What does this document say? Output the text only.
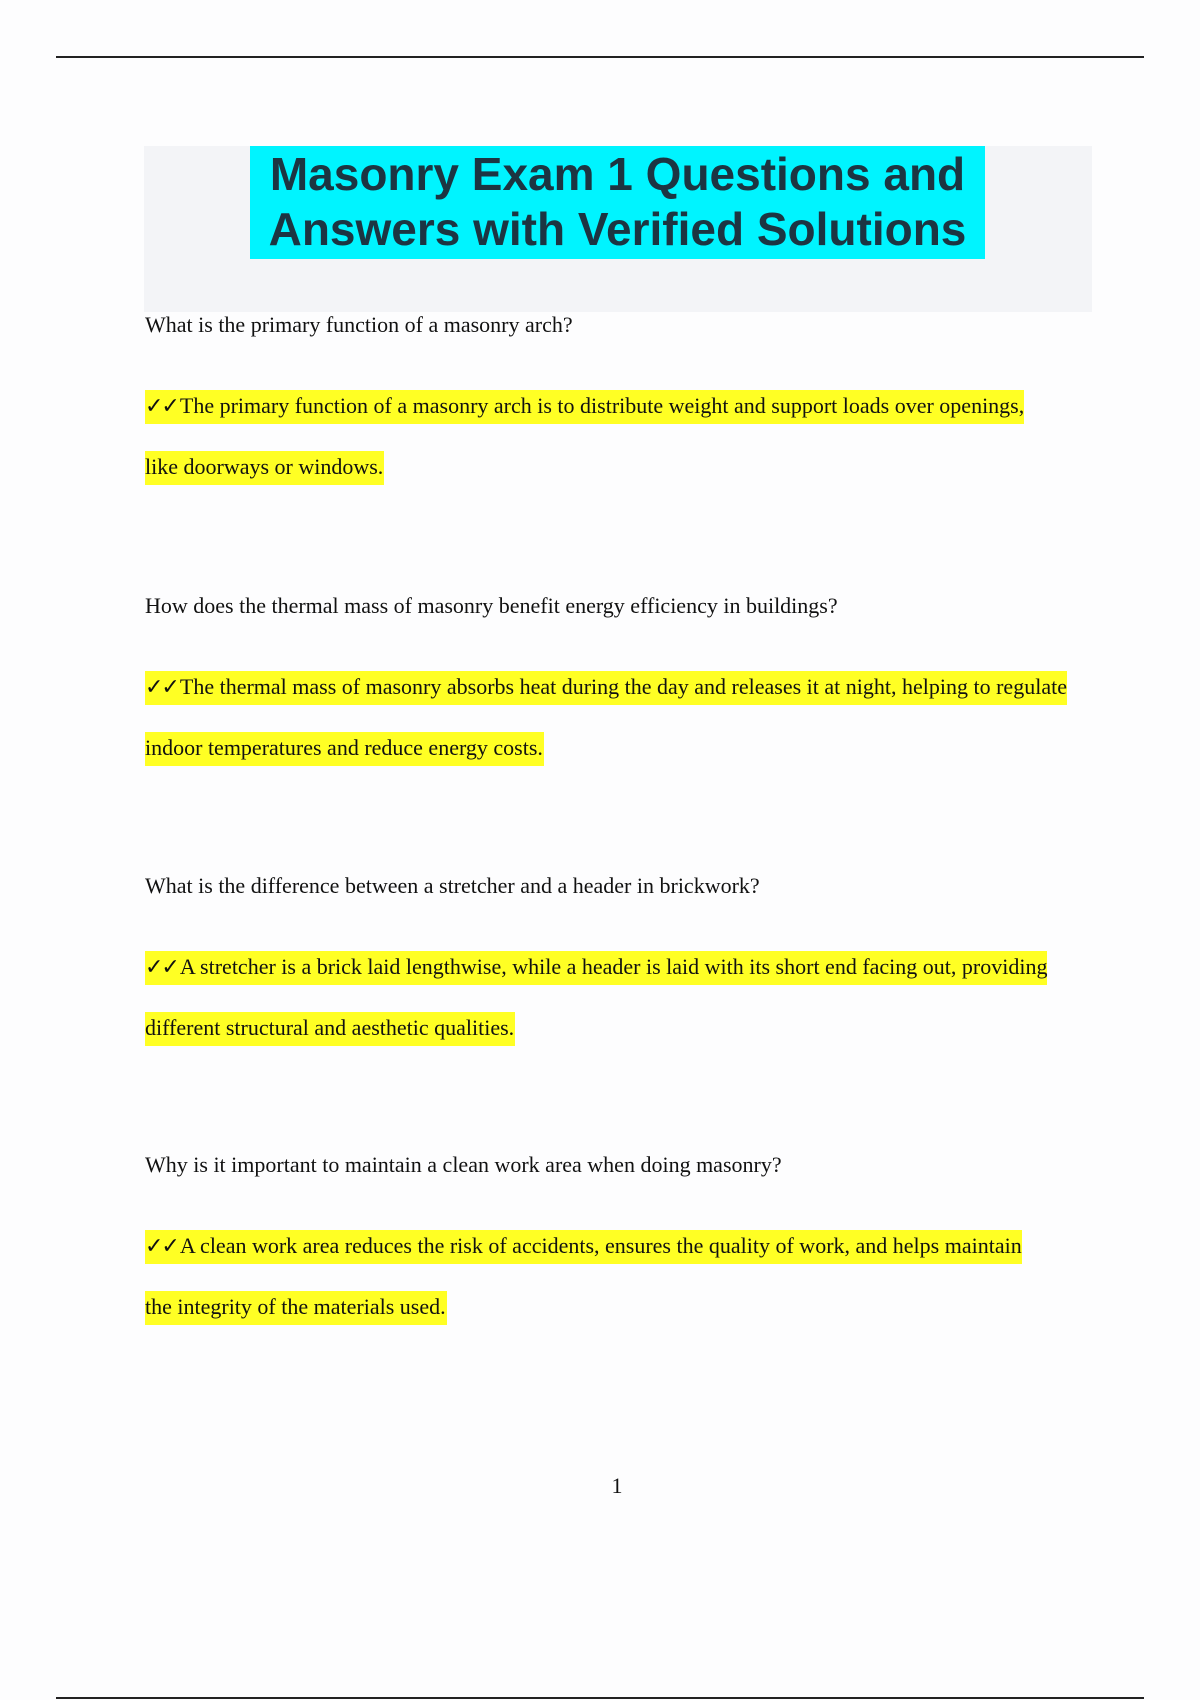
Masonry Exam 1 Questions and Answers with Verified Solutions

What is the primary function of a masonry arch?

✓✓The primary function of a masonry arch is to distribute weight and support loads over openings, like doorways or windows.

How does the thermal mass of masonry benefit energy efficiency in buildings?

✓✓The thermal mass of masonry absorbs heat during the day and releases it at night, helping to regulate indoor temperatures and reduce energy costs.

What is the difference between a stretcher and a header in brickwork?

✓✓A stretcher is a brick laid lengthwise, while a header is laid with its short end facing out, providing different structural and aesthetic qualities.

Why is it important to maintain a clean work area when doing masonry?

✓✓A clean work area reduces the risk of accidents, ensures the quality of work, and helps maintain the integrity of the materials used.

1
